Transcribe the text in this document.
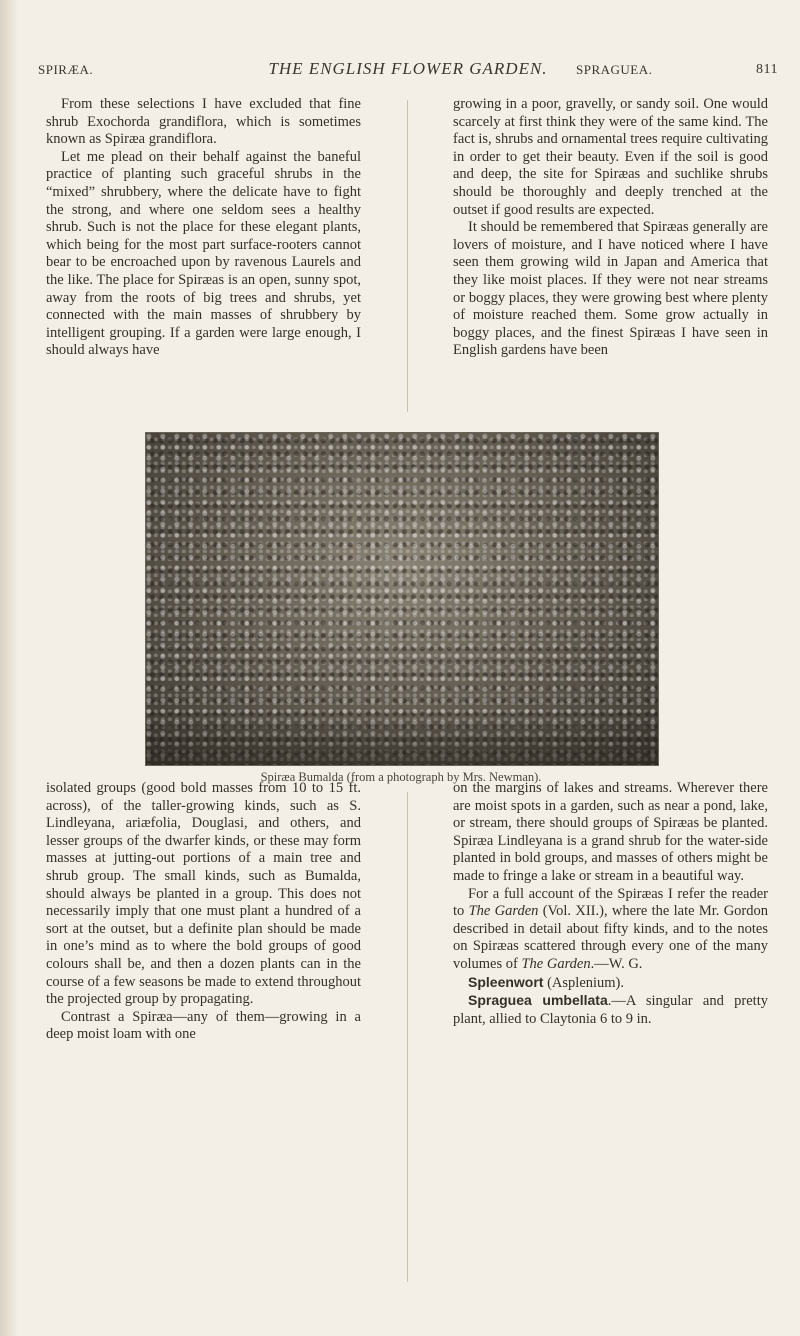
SPIRÆA.	THE ENGLISH FLOWER GARDEN.	SPRAGUEA.	811

From these selections I have excluded that fine shrub Exochorda grandiflora, which is sometimes known as Spiræa grandiflora.

Let me plead on their behalf against the baneful practice of planting such graceful shrubs in the “mixed” shrubbery, where the delicate have to fight the strong, and where one seldom sees a healthy shrub. Such is not the place for these elegant plants, which being for the most part surface-rooters cannot bear to be encroached upon by ravenous Laurels and the like. The place for Spiræas is an open, sunny spot, away from the roots of big trees and shrubs, yet connected with the main masses of shrubbery by intelligent grouping. If a garden were large enough, I should always have

growing in a poor, gravelly, or sandy soil. One would scarcely at first think they were of the same kind. The fact is, shrubs and ornamental trees require cultivating in order to get their beauty. Even if the soil is good and deep, the site for Spiræas and suchlike shrubs should be thoroughly and deeply trenched at the outset if good results are expected.

It should be remembered that Spiræas generally are lovers of moisture, and I have noticed where I have seen them growing wild in Japan and America that they like moist places. If they were not near streams or boggy places, they were growing best where plenty of moisture reached them. Some grow actually in boggy places, and the finest Spiræas I have seen in English gardens have been

Spiræa Bumalda (from a photograph by Mrs. Newman).

isolated groups (good bold masses from 10 to 15 ft. across), of the taller-growing kinds, such as S. Lindleyana, ariæfolia, Douglasi, and others, and lesser groups of the dwarfer kinds, or these may form masses at jutting-out portions of a main tree and shrub group. The small kinds, such as Bumalda, should always be planted in a group. This does not necessarily imply that one must plant a hundred of a sort at the outset, but a definite plan should be made in one’s mind as to where the bold groups of good colours shall be, and then a dozen plants can in the course of a few seasons be made to extend throughout the projected group by propagating.

Contrast a Spiræa—any of them—growing in a deep moist loam with one

on the margins of lakes and streams. Wherever there are moist spots in a garden, such as near a pond, lake, or stream, there should groups of Spiræas be planted. Spiræa Lindleyana is a grand shrub for the water-side planted in bold groups, and masses of others might be made to fringe a lake or stream in a beautiful way.

For a full account of the Spiræas I refer the reader to The Garden (Vol. XII.), where the late Mr. Gordon described in detail about fifty kinds, and to the notes on Spiræas scattered through every one of the many volumes of The Garden.—W. G.

Spleenwort (Asplenium).

Spraguea umbellata.—A singular and pretty plant, allied to Claytonia 6 to 9 in.
